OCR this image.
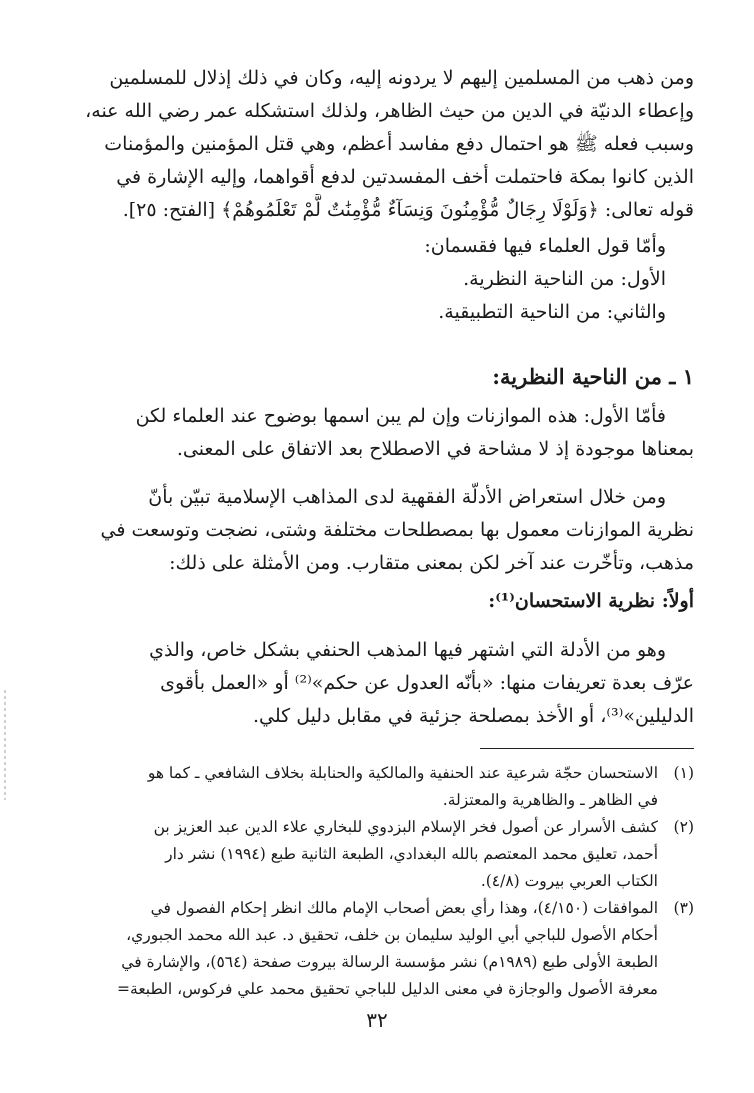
ومن ذهب من المسلمين إليهم لا يردونه إليه، وكان في ذلك إذلال للمسلمين
وإعطاء الدنيّة في الدين من حيث الظاهر، ولذلك استشكله عمر رضي الله عنه،
وسبب فعله ﷺ هو احتمال دفع مفاسد أعظم، وهي قتل المؤمنين والمؤمنات
الذين كانوا بمكة فاحتملت أخف المفسدتين لدفع أقواهما، وإليه الإشارة في
قوله تعالى: ﴿وَلَوْلَا رِجَالٌ مُّؤْمِنُونَ وَنِسَآءٌ مُّؤْمِنَٰتٌ لَّمْ تَعْلَمُوهُمْ﴾ [الفتح: ٢٥].
وأمّا قول العلماء فيها فقسمان:
الأول: من الناحية النظرية.
والثاني: من الناحية التطبيقية.
١ ـ من الناحية النظرية:
فأمّا الأول: هذه الموازنات وإن لم يبن اسمها بوضوح عند العلماء لكن
بمعناها موجودة إذ لا مشاحة في الاصطلاح بعد الاتفاق على المعنى.
ومن خلال استعراض الأدلّة الفقهية لدى المذاهب الإسلامية تبيّن بأنّ
نظرية الموازنات معمول بها بمصطلحات مختلفة وشتى، نضجت وتوسعت في
مذهب، وتأخّرت عند آخر لكن بمعنى متقارب. ومن الأمثلة على ذلك:
أولاً: نظرية الاستحسان⁽¹⁾:
وهو من الأدلة التي اشتهر فيها المذهب الحنفي بشكل خاص، والذي
عرّف بعدة تعريفات منها: «بأنّه العدول عن حكم»⁽²⁾ أو «العمل بأقوى
الدليلين»⁽³⁾، أو الأخذ بمصلحة جزئية في مقابل دليل كلي.
(١)
الاستحسان حجّة شرعية عند الحنفية والمالكية والحنابلة بخلاف الشافعي ـ كما هو
في الظاهر ـ والظاهرية والمعتزلة.
(٢)
كشف الأسرار عن أصول فخر الإسلام البزدوي للبخاري علاء الدين عبد العزيز بن
أحمد، تعليق محمد المعتصم بالله البغدادي، الطبعة الثانية طبع (١٩٩٤) نشر دار
الكتاب العربي بيروت (٤/٨).
(٣)
الموافقات (٤/١٥٠)، وهذا رأي بعض أصحاب الإمام مالك انظر إحكام الفصول في
أحكام الأصول للباجي أبي الوليد سليمان بن خلف، تحقيق د. عبد الله محمد الجبوري،
الطبعة الأولى طبع (١٩٨٩م) نشر مؤسسة الرسالة بيروت صفحة (٥٦٤)، والإشارة في
معرفة الأصول والوجازة في معنى الدليل للباجي تحقيق محمد علي فركوس، الطبعة=
٣٢
